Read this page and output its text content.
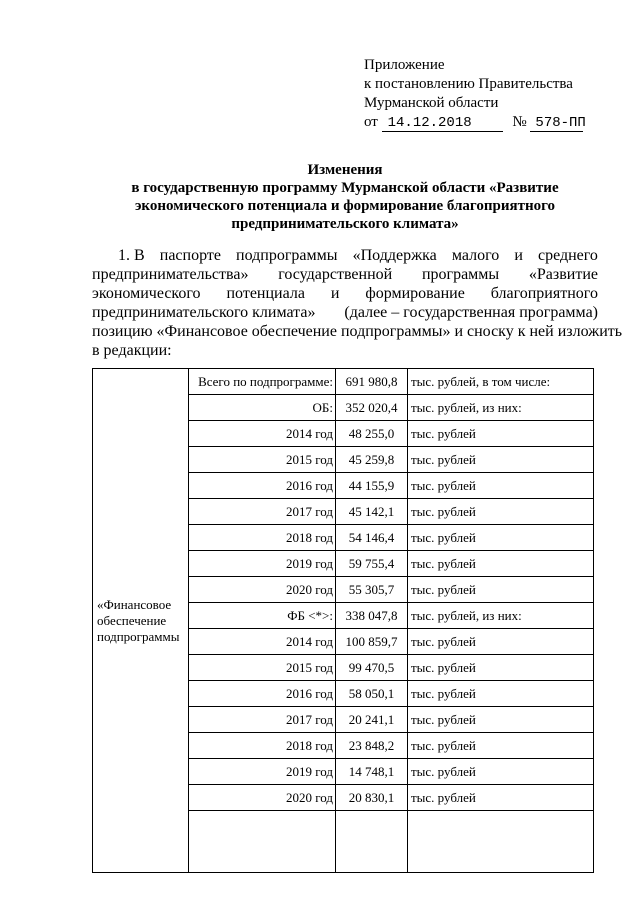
Приложение
к постановлению Правительства
Мурманской области
от 14.12.2018	№ 578-ПП
Изменения
в государственную программу Мурманской области «Развитие
экономического потенциала и формирование благоприятного
предпринимательского климата»
1. В паспорте подпрограммы «Поддержка малого и среднего
предпринимательства» государственной программы «Развитие
экономического потенциала и формирование благоприятного
предпринимательского климата» (далее – государственная программа)
позицию «Финансовое обеспечение подпрограммы» и сноску к ней изложить
в редакции:
«Финансовое обеспечение подпрограммы	Всего по подпрограмме:	691 980,8	тыс. рублей, в том числе:
	ОБ:	352 020,4	тыс. рублей, из них:
	2014 год	48 255,0	тыс. рублей
	2015 год	45 259,8	тыс. рублей
	2016 год	44 155,9	тыс. рублей
	2017 год	45 142,1	тыс. рублей
	2018 год	54 146,4	тыс. рублей
	2019 год	59 755,4	тыс. рублей
	2020 год	55 305,7	тыс. рублей
	ФБ <*>:	338 047,8	тыс. рублей, из них:
	2014 год	100 859,7	тыс. рублей
	2015 год	99 470,5	тыс. рублей
	2016 год	58 050,1	тыс. рублей
	2017 год	20 241,1	тыс. рублей
	2018 год	23 848,2	тыс. рублей
	2019 год	14 748,1	тыс. рублей
	2020 год	20 830,1	тыс. рублей
